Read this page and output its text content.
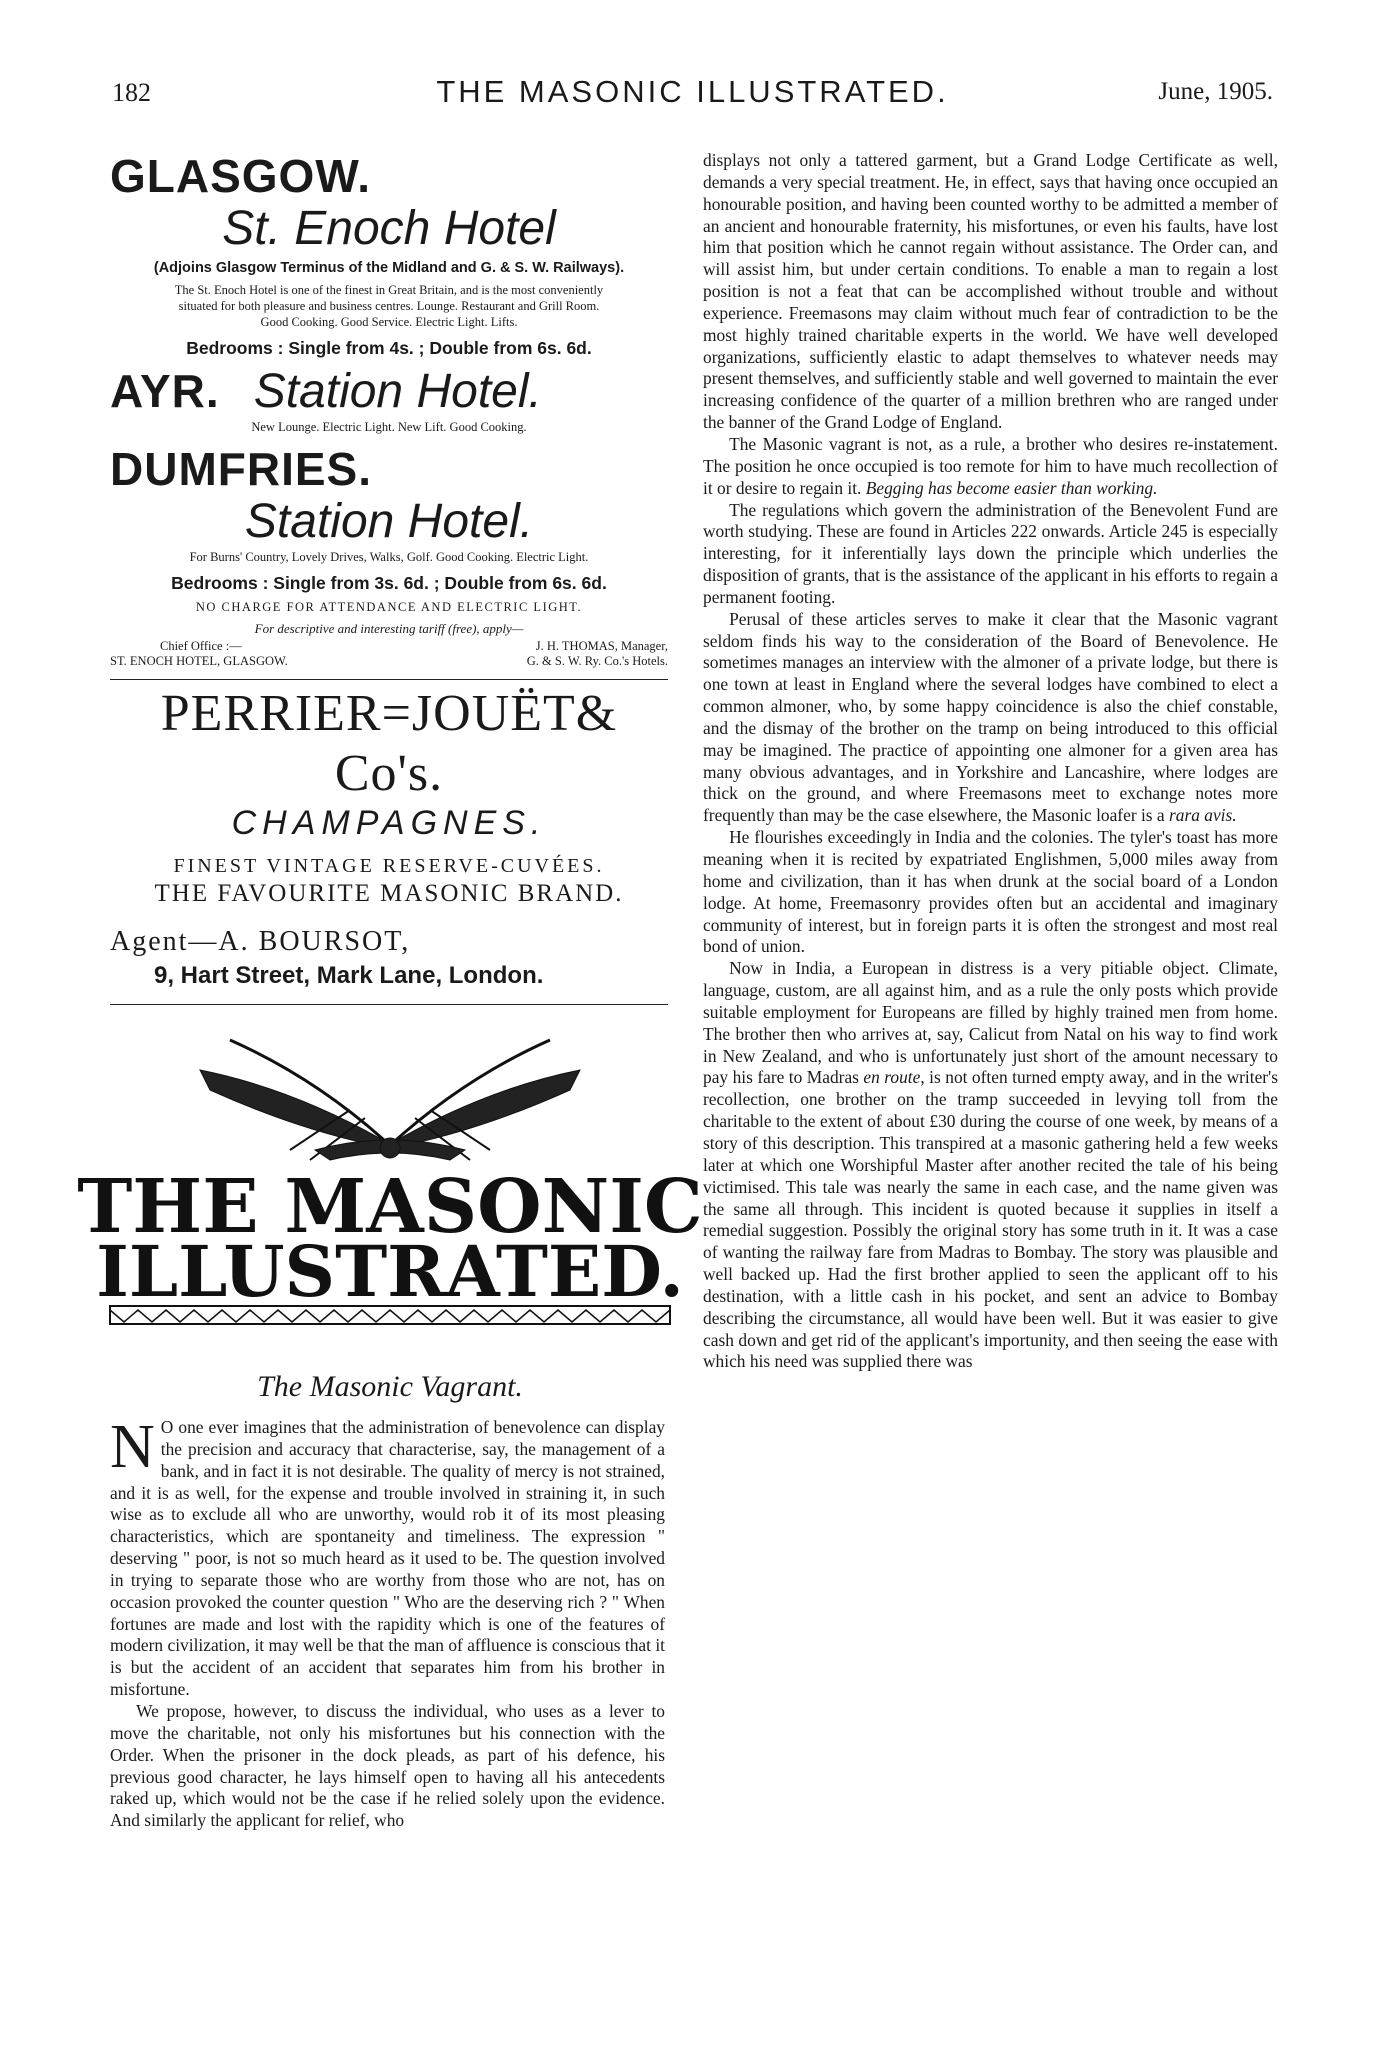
182	THE MASONIC ILLUSTRATED.	June, 1905.

GLASGOW.

St. Enoch Hotel

(Adjoins Glasgow Terminus of the Midland and G. & S. W. Railways).

The St. Enoch Hotel is one of the finest in Great Britain, and is the most conveniently

situated for both pleasure and business centres. Lounge. Restaurant and Grill Room.

Good Cooking. Good Service. Electric Light. Lifts.

Bedrooms : Single from 4s. ; Double from 6s. 6d.

AYR. Station Hotel.

New Lounge. Electric Light. New Lift. Good Cooking.

DUMFRIES.

Station Hotel.

For Burns' Country, Lovely Drives, Walks, Golf. Good Cooking. Electric Light.

Bedrooms : Single from 3s. 6d. ; Double from 6s. 6d.

NO CHARGE FOR ATTENDANCE AND ELECTRIC LIGHT.

For descriptive and interesting tariff (free), apply—

Chief Office :—
ST. ENOCH HOTEL, GLASGOW.
J. H. THOMAS, Manager,
G. & S. W. Ry. Co.'s Hotels.

PERRIER=JOUËT& Co's.

CHAMPAGNES.

FINEST VINTAGE RESERVE-CUVÉES.

THE FAVOURITE MASONIC BRAND.

Agent—A. BOURSOT,

9, Hart Street, Mark Lane, London.

THE MASONIC
ILLUSTRATED.
The Masonic Vagrant.

N O one ever imagines that the administration of benevolence can display the precision and accuracy that characterise, say, the management of a bank, and in fact it is not desirable. The quality of mercy is not strained, and it is as well, for the expense and trouble involved in straining it, in such wise as to exclude all who are unworthy, would rob it of its most pleasing characteristics, which are spontaneity and timeliness. The expression " deserving " poor, is not so much heard as it used to be. The question involved in trying to separate those who are worthy from those who are not, has on occasion provoked the counter question " Who are the deserving rich ? " When fortunes are made and lost with the rapidity which is one of the features of modern civilization, it may well be that the man of affluence is conscious that it is but the accident of an accident that separates him from his brother in misfortune.

We propose, however, to discuss the individual, who uses as a lever to move the charitable, not only his misfortunes but his connection with the Order. When the prisoner in the dock pleads, as part of his defence, his previous good character, he lays himself open to having all his antecedents raked up, which would not be the case if he relied solely upon the evidence. And similarly the applicant for relief, who

displays not only a tattered garment, but a Grand Lodge Certificate as well, demands a very special treatment. He, in effect, says that having once occupied an honourable position, and having been counted worthy to be admitted a member of an ancient and honourable fraternity, his misfortunes, or even his faults, have lost him that position which he cannot regain without assistance. The Order can, and will assist him, but under certain conditions. To enable a man to regain a lost position is not a feat that can be accomplished without trouble and without experience. Freemasons may claim without much fear of contradiction to be the most highly trained charitable experts in the world. We have well developed organizations, sufficiently elastic to adapt themselves to whatever needs may present themselves, and sufficiently stable and well governed to maintain the ever increasing confidence of the quarter of a million brethren who are ranged under the banner of the Grand Lodge of England.

The Masonic vagrant is not, as a rule, a brother who desires re-instatement. The position he once occupied is too remote for him to have much recollection of it or desire to regain it. Begging has become easier than working.

The regulations which govern the administration of the Benevolent Fund are worth studying. These are found in Articles 222 onwards. Article 245 is especially interesting, for it inferentially lays down the principle which underlies the disposition of grants, that is the assistance of the applicant in his efforts to regain a permanent footing.

Perusal of these articles serves to make it clear that the Masonic vagrant seldom finds his way to the consideration of the Board of Benevolence. He sometimes manages an interview with the almoner of a private lodge, but there is one town at least in England where the several lodges have combined to elect a common almoner, who, by some happy coincidence is also the chief constable, and the dismay of the brother on the tramp on being introduced to this official may be imagined. The practice of appointing one almoner for a given area has many obvious advantages, and in Yorkshire and Lancashire, where lodges are thick on the ground, and where Freemasons meet to exchange notes more frequently than may be the case elsewhere, the Masonic loafer is a rara avis.

He flourishes exceedingly in India and the colonies. The tyler's toast has more meaning when it is recited by expatriated Englishmen, 5,000 miles away from home and civilization, than it has when drunk at the social board of a London lodge. At home, Freemasonry provides often but an accidental and imaginary community of interest, but in foreign parts it is often the strongest and most real bond of union.

Now in India, a European in distress is a very pitiable object. Climate, language, custom, are all against him, and as a rule the only posts which provide suitable employment for Europeans are filled by highly trained men from home. The brother then who arrives at, say, Calicut from Natal on his way to find work in New Zealand, and who is unfortunately just short of the amount necessary to pay his fare to Madras en route, is not often turned empty away, and in the writer's recollection, one brother on the tramp succeeded in levying toll from the charitable to the extent of about £30 during the course of one week, by means of a story of this description. This transpired at a masonic gathering held a few weeks later at which one Worshipful Master after another recited the tale of his being victimised. This tale was nearly the same in each case, and the name given was the same all through. This incident is quoted because it supplies in itself a remedial suggestion. Possibly the original story has some truth in it. It was a case of wanting the railway fare from Madras to Bombay. The story was plausible and well backed up. Had the first brother applied to seen the applicant off to his destination, with a little cash in his pocket, and sent an advice to Bombay describing the circumstance, all would have been well. But it was easier to give cash down and get rid of the applicant's importunity, and then seeing the ease with which his need was supplied there was
